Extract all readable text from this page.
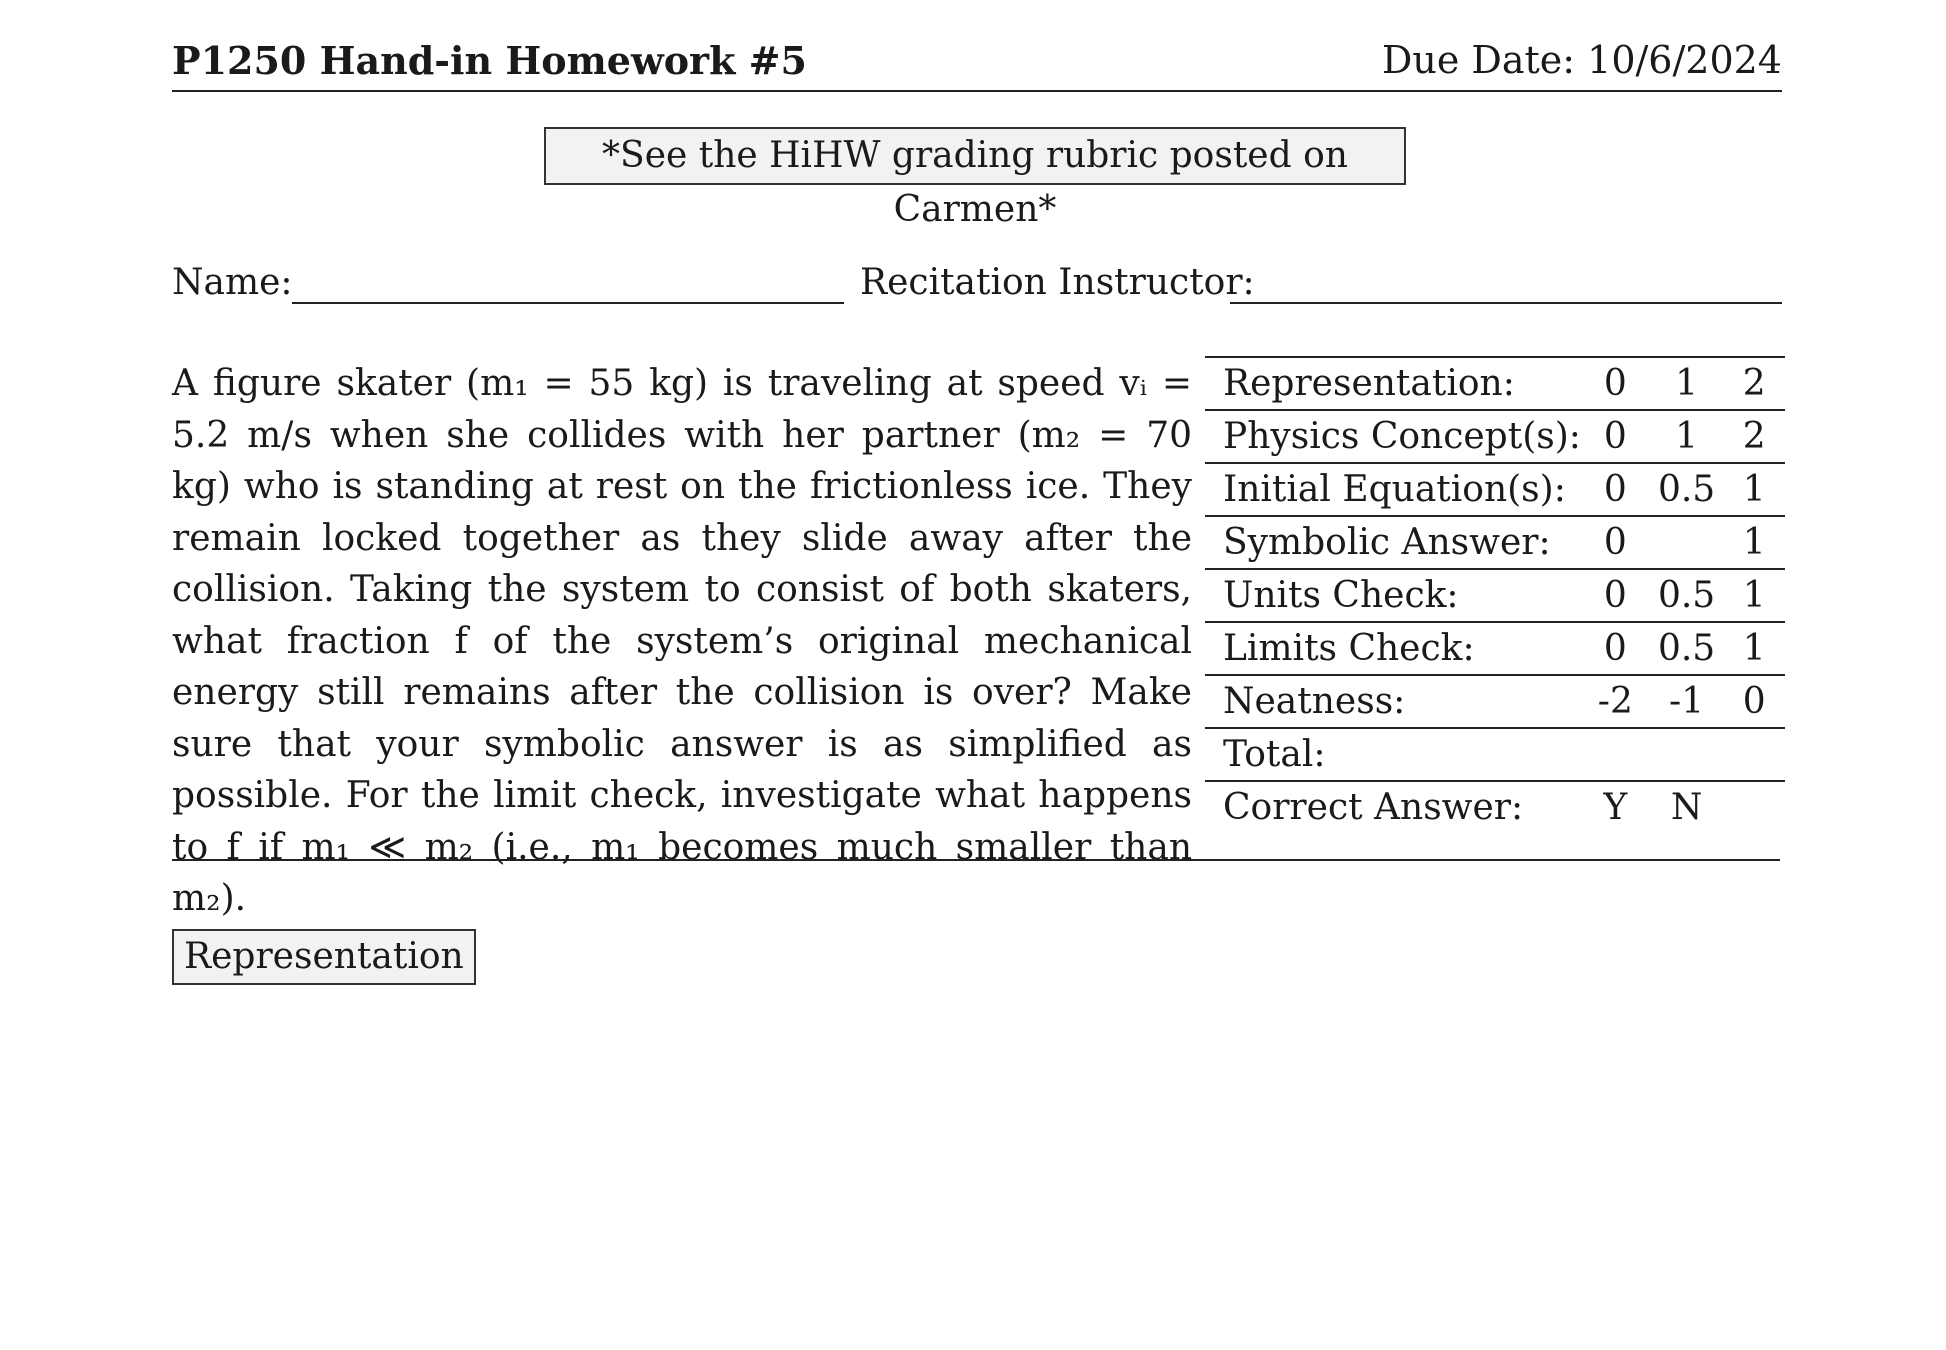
P1250 Hand-in Homework #5	Due Date: 10/6/2024
*See the HiHW grading rubric posted on Carmen*
Name:	Recitation Instructor:
A figure skater (m₁ = 55 kg) is traveling at speed vᵢ = 5.2 m/s when she collides with her partner (m₂ = 70 kg) who is standing at rest on the frictionless ice. They remain locked together as they slide away after the collision. Taking the system to consist of both skaters, what fraction f of the system’s original mechanical energy still remains after the collision is over? Make sure that your symbolic answer is as simplified as possible. For the limit check, investigate what happens to f if m₁ ≪ m₂ (i.e., m₁ becomes much smaller than m₂).
Representation:	0	1	2
Physics Concept(s):	0	1	2
Initial Equation(s):	0	0.5	1
Symbolic Answer:	0		1
Units Check:	0	0.5	1
Limits Check:	0	0.5	1
Neatness:	-2	-1	0
Total:			
Correct Answer:	Y	N	
Representation
